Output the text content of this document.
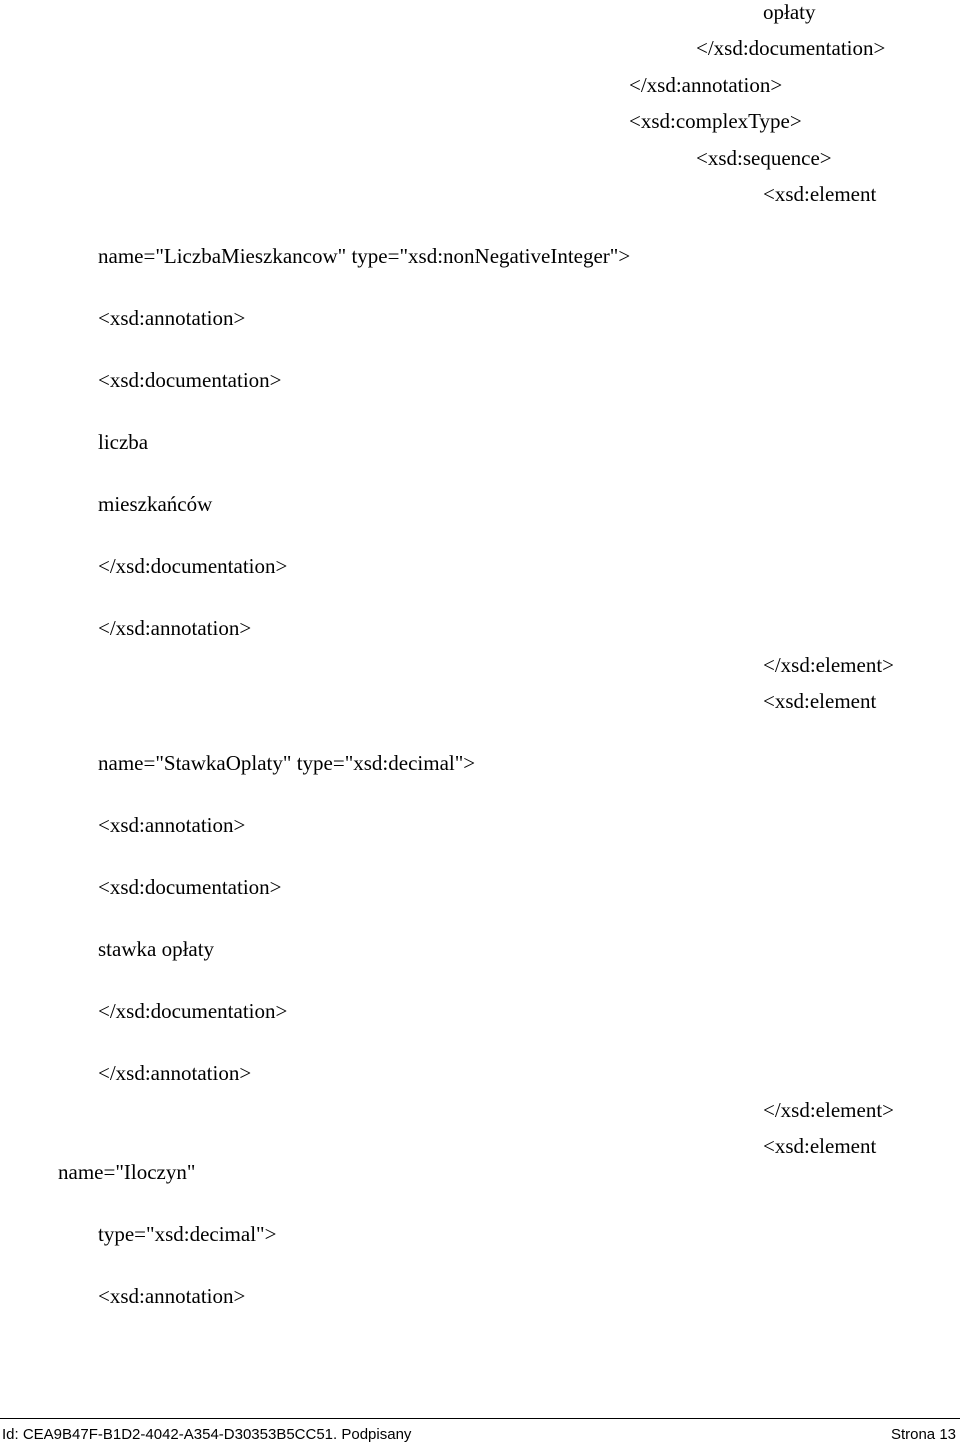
opłaty
</xsd:documentation>
</xsd:annotation>
<xsd:complexType>
<xsd:sequence>
<xsd:element
name="LiczbaMieszkancow" type="xsd:nonNegativeInteger">
<xsd:annotation>
<xsd:documentation>
liczba
mieszkańców
</xsd:documentation>
</xsd:annotation>
</xsd:element>
<xsd:element
name="StawkaOplaty" type="xsd:decimal">
<xsd:annotation>
<xsd:documentation>
stawka opłaty
</xsd:documentation>
</xsd:annotation>
</xsd:element>
<xsd:element
name="Iloczyn"
type="xsd:decimal">
<xsd:annotation>
Id: CEA9B47F-B1D2-4042-A354-D30353B5CC51. Podpisany	Strona 13
